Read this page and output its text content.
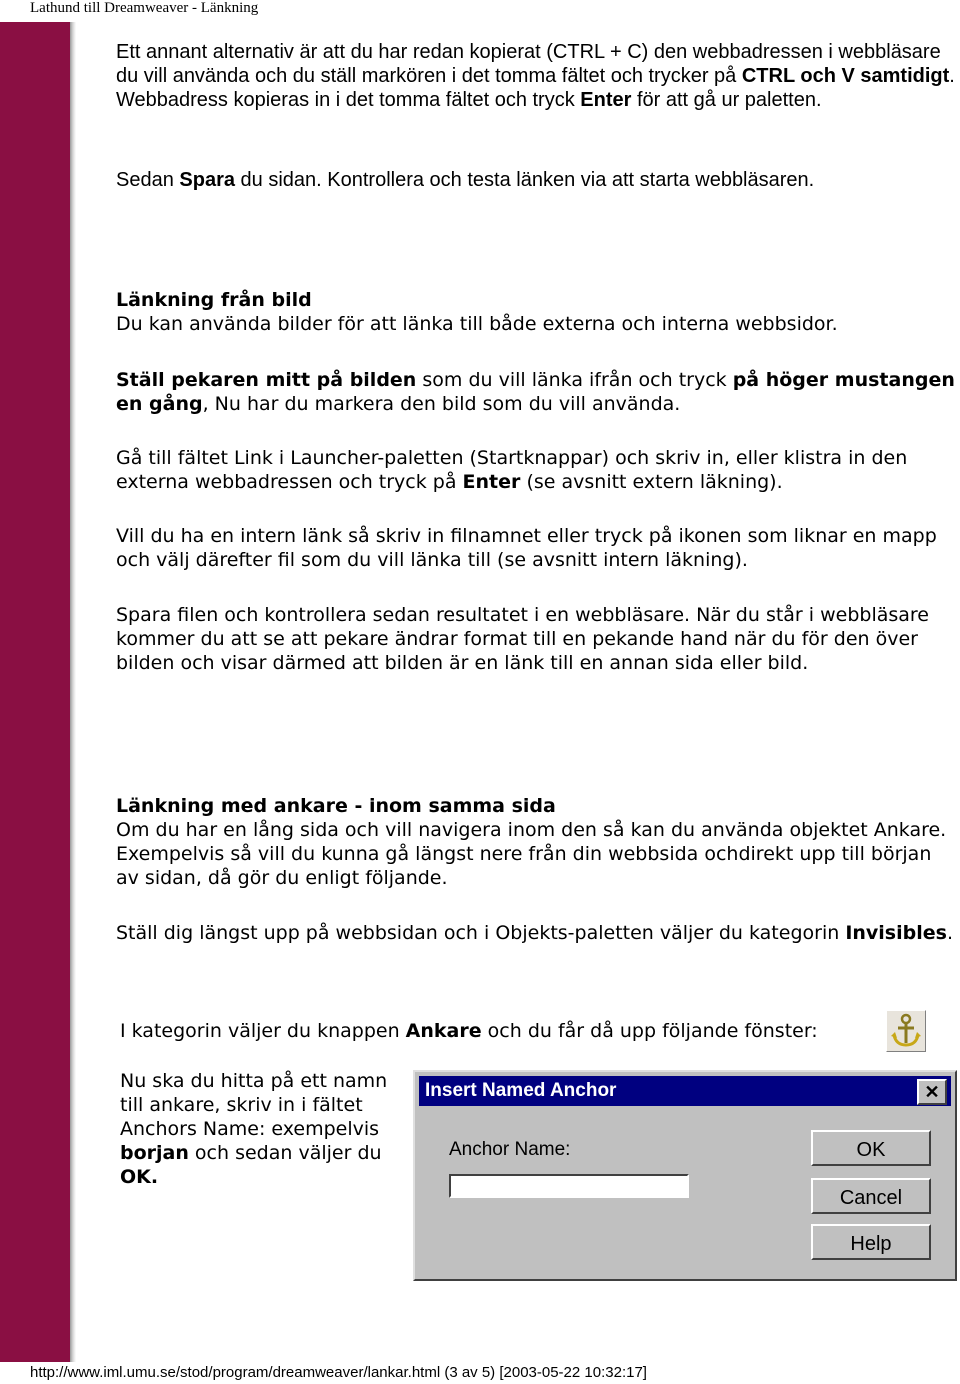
Lathund till Dreamweaver - Länkning

Ett annant alternativ är att du har redan kopierat (CTRL + C) den webbadressen i webbläsare du vill använda och du ställ markören i det tomma fältet och trycker på CTRL och V samtidigt. Webbadress kopieras in i det tomma fältet och tryck Enter för att gå ur paletten.

Sedan Spara du sidan. Kontrollera och testa länken via att starta webbläsaren.

Länkning från bild

Du kan använda bilder för att länka till både externa och interna webbsidor.

Ställ pekaren mitt på bilden som du vill länka ifrån och tryck på höger mustangen en gång, Nu har du markera den bild som du vill använda.

Gå till fältet Link i Launcher-paletten (Startknappar) och skriv in, eller klistra in den externa webbadressen och tryck på Enter (se avsnitt extern läkning).

Vill du ha en intern länk så skriv in filnamnet eller tryck på ikonen som liknar en mapp och välj därefter fil som du vill länka till (se avsnitt intern läkning).

Spara filen och kontrollera sedan resultatet i en webbläsare. När du står i webbläsare kommer du att se att pekare ändrar format till en pekande hand när du för den över bilden och visar därmed att bilden är en länk till en annan sida eller bild.

Länkning med ankare - inom samma sida

Om du har en lång sida och vill navigera inom den så kan du använda objektet Ankare. Exempelvis så vill du kunna gå längst nere från din webbsida ochdirekt upp till början av sidan, då gör du enligt följande.

Ställ dig längst upp på webbsidan och i Objekts-paletten väljer du kategorin Invisibles.

I kategorin väljer du knappen Ankare och du får då upp följande fönster:

Nu ska du hitta på ett namn till ankare, skriv in i fältet Anchors Name: exempelvis borjan och sedan väljer du OK.

Insert Named Anchor	✕
Anchor Name:	OK
Cancel
Help
http://www.iml.umu.se/stod/program/dreamweaver/lankar.html (3 av 5) [2003-05-22 10:32:17]
